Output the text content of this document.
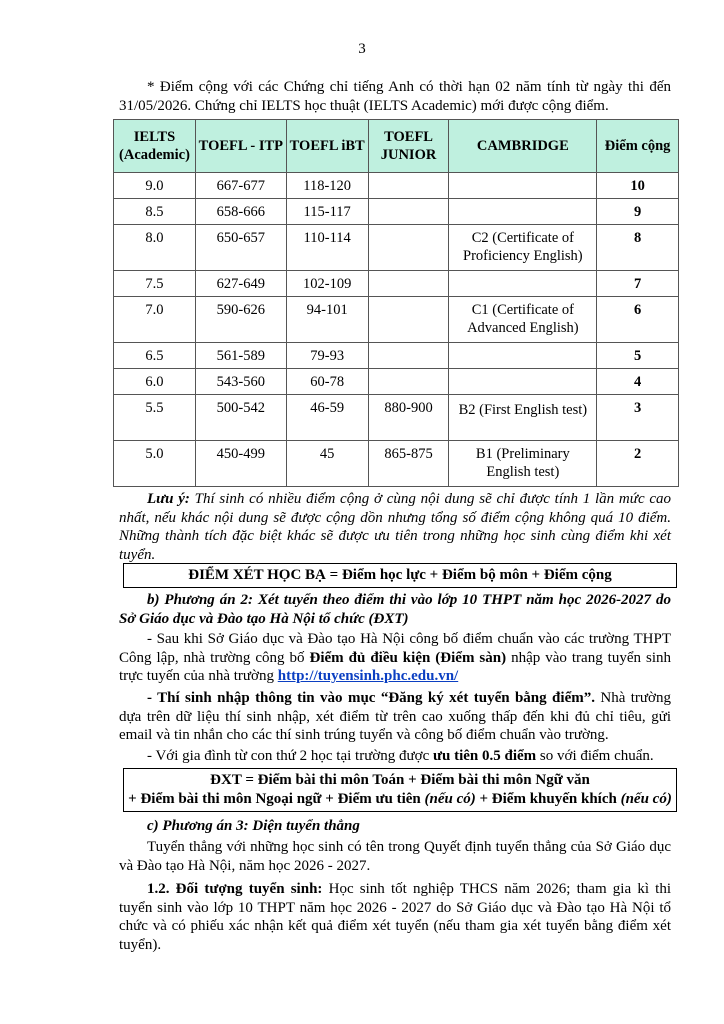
3

* Điểm cộng với các Chứng chỉ tiếng Anh có thời hạn 02 năm tính từ ngày thi đến 31/05/2026. Chứng chỉ IELTS học thuật (IELTS Academic) mới được cộng điểm.

IELTS (Academic)	TOEFL - ITP	TOEFL iBT	TOEFL JUNIOR	CAMBRIDGE	Điểm cộng
9.0	667-677	118-120			10
8.5	658-666	115-117			9
8.0	650-657	110-114		C2 (Certificate of Proficiency English)	8
7.5	627-649	102-109			7
7.0	590-626	94-101		C1 (Certificate of Advanced English)	6
6.5	561-589	79-93			5
6.0	543-560	60-78			4
5.5	500-542	46-59	880-900	B2 (First English test)	3
5.0	450-499	45	865-875	B1 (Preliminary English test)	2

Lưu ý: Thí sinh có nhiều điểm cộng ở cùng nội dung sẽ chỉ được tính 1 lần mức cao nhất, nếu khác nội dung sẽ được cộng dồn nhưng tổng số điểm cộng không quá 10 điểm. Những thành tích đặc biệt khác sẽ được ưu tiên trong những học sinh cùng điểm khi xét tuyển.

ĐIỂM XÉT HỌC BẠ = Điểm học lực + Điểm bộ môn + Điểm cộng

b) Phương án 2: Xét tuyển theo điểm thi vào lớp 10 THPT năm học 2026-2027 do Sở Giáo dục và Đào tạo Hà Nội tổ chức (ĐXT)

- Sau khi Sở Giáo dục và Đào tạo Hà Nội công bố điểm chuẩn vào các trường THPT Công lập, nhà trường công bố Điểm đủ điều kiện (Điểm sàn) nhập vào trang tuyển sinh trực tuyến của nhà trường http://tuyensinh.phc.edu.vn/

- Thí sinh nhập thông tin vào mục “Đăng ký xét tuyển bằng điểm”. Nhà trường dựa trên dữ liệu thí sinh nhập, xét điểm từ trên cao xuống thấp đến khi đủ chỉ tiêu, gửi email và tin nhắn cho các thí sinh trúng tuyển và công bố điểm chuẩn vào trường.

- Với gia đình từ con thứ 2 học tại trường được ưu tiên 0.5 điểm so với điểm chuẩn.

ĐXT = Điểm bài thi môn Toán + Điểm bài thi môn Ngữ văn
+ Điểm bài thi môn Ngoại ngữ + Điểm ưu tiên (nếu có) + Điểm khuyến khích (nếu có)

c) Phương án 3: Diện tuyển thẳng

Tuyển thẳng với những học sinh có tên trong Quyết định tuyển thẳng của Sở Giáo dục và Đào tạo Hà Nội, năm học 2026 - 2027.

1.2. Đối tượng tuyển sinh: Học sinh tốt nghiệp THCS năm 2026; tham gia kì thi tuyển sinh vào lớp 10 THPT năm học 2026 - 2027 do Sở Giáo dục và Đào tạo Hà Nội tổ chức và có phiếu xác nhận kết quả điểm xét tuyển (nếu tham gia xét tuyển bằng điểm xét tuyển).
